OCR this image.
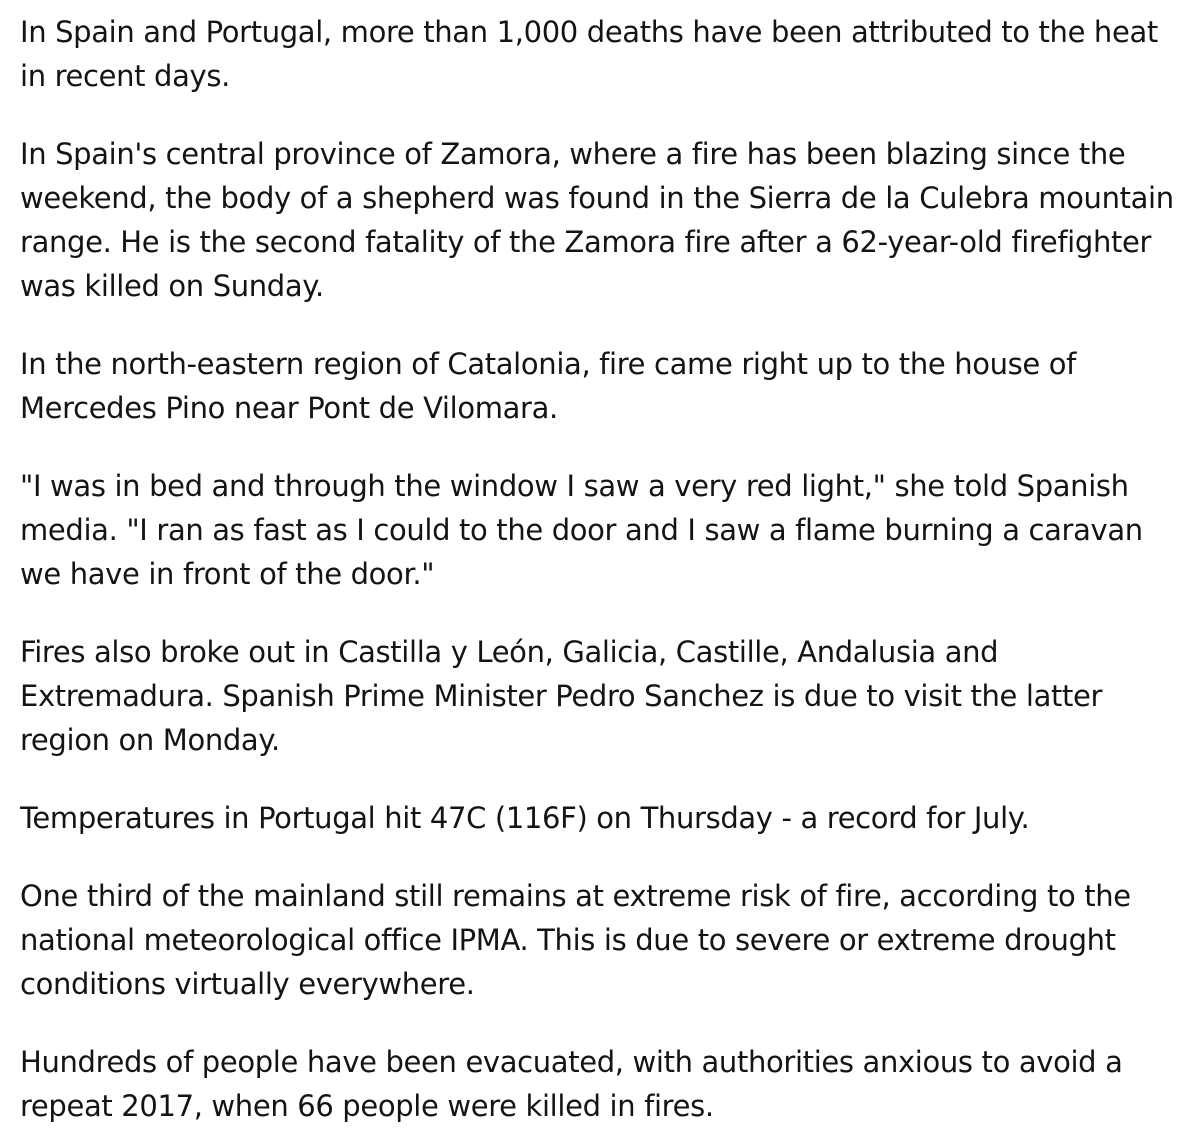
In Spain and Portugal, more than 1,000 deaths have been attributed to the heat in recent days.

In Spain's central province of Zamora, where a fire has been blazing since the weekend, the body of a shepherd was found in the Sierra de la Culebra mountain range. He is the second fatality of the Zamora fire after a 62-year-old firefighter was killed on Sunday.

In the north-eastern region of Catalonia, fire came right up to the house of Mercedes Pino near Pont de Vilomara.

"I was in bed and through the window I saw a very red light," she told Spanish media. "I ran as fast as I could to the door and I saw a flame burning a caravan we have in front of the door."

Fires also broke out in Castilla y León, Galicia, Castille, Andalusia and Extremadura. Spanish Prime Minister Pedro Sanchez is due to visit the latter region on Monday.

Temperatures in Portugal hit 47C (116F) on Thursday - a record for July.

One third of the mainland still remains at extreme risk of fire, according to the national meteorological office IPMA. This is due to severe or extreme drought conditions virtually everywhere.

Hundreds of people have been evacuated, with authorities anxious to avoid a repeat 2017, when 66 people were killed in fires.
